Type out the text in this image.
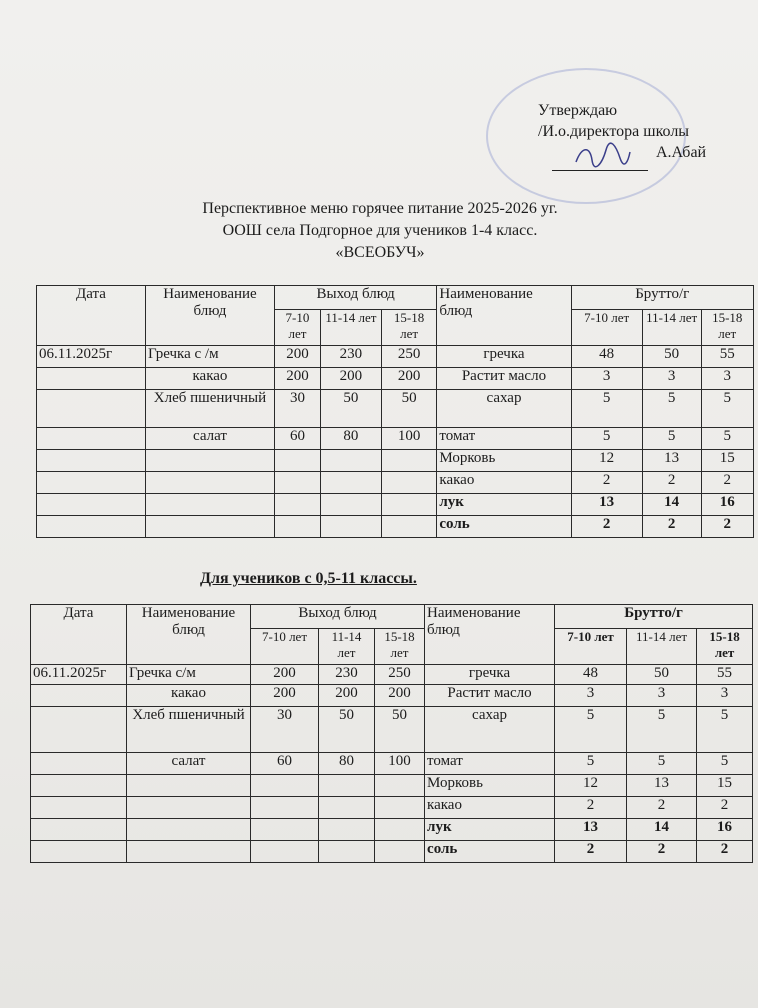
Утверждаю
/И.о.директора школы
А.Абай
Перспективное меню горячее питание 2025-2026 уг.
ООШ села Подгорное для учеников 1-4 класс.
«ВСЕОБУЧ»
Дата	Наименование блюд	Выход блюд			Наименование блюд	Брутто/г		
		7-10 лет	11-14 лет	15-18 лет		7-10 лет	11-14 лет	15-18 лет
06.11.2025г	Гречка с /м	200	230	250	гречка	48	50	55
	какао	200	200	200	Растит масло	3	3	3
	Хлеб пшеничный	30	50	50	сахар	5	5	5
	салат	60	80	100	томат	5	5	5
					Морковь	12	13	15
					какао	2	2	2
					лук	13	14	16
					соль	2	2	2
Для учеников с 0,5-11 классы.
Дата	Наименование блюд	Выход блюд			Наименование блюд	Брутто/г		
		7-10 лет	11-14 лет	15-18 лет		7-10 лет	11-14 лет	15-18 лет
06.11.2025г	Гречка с/м	200	230	250	гречка	48	50	55
	какао	200	200	200	Растит масло	3	3	3
	Хлеб пшеничный	30	50	50	сахар	5	5	5
	салат	60	80	100	томат	5	5	5
					Морковь	12	13	15
					какао	2	2	2
					лук	13	14	16
					соль	2	2	2
